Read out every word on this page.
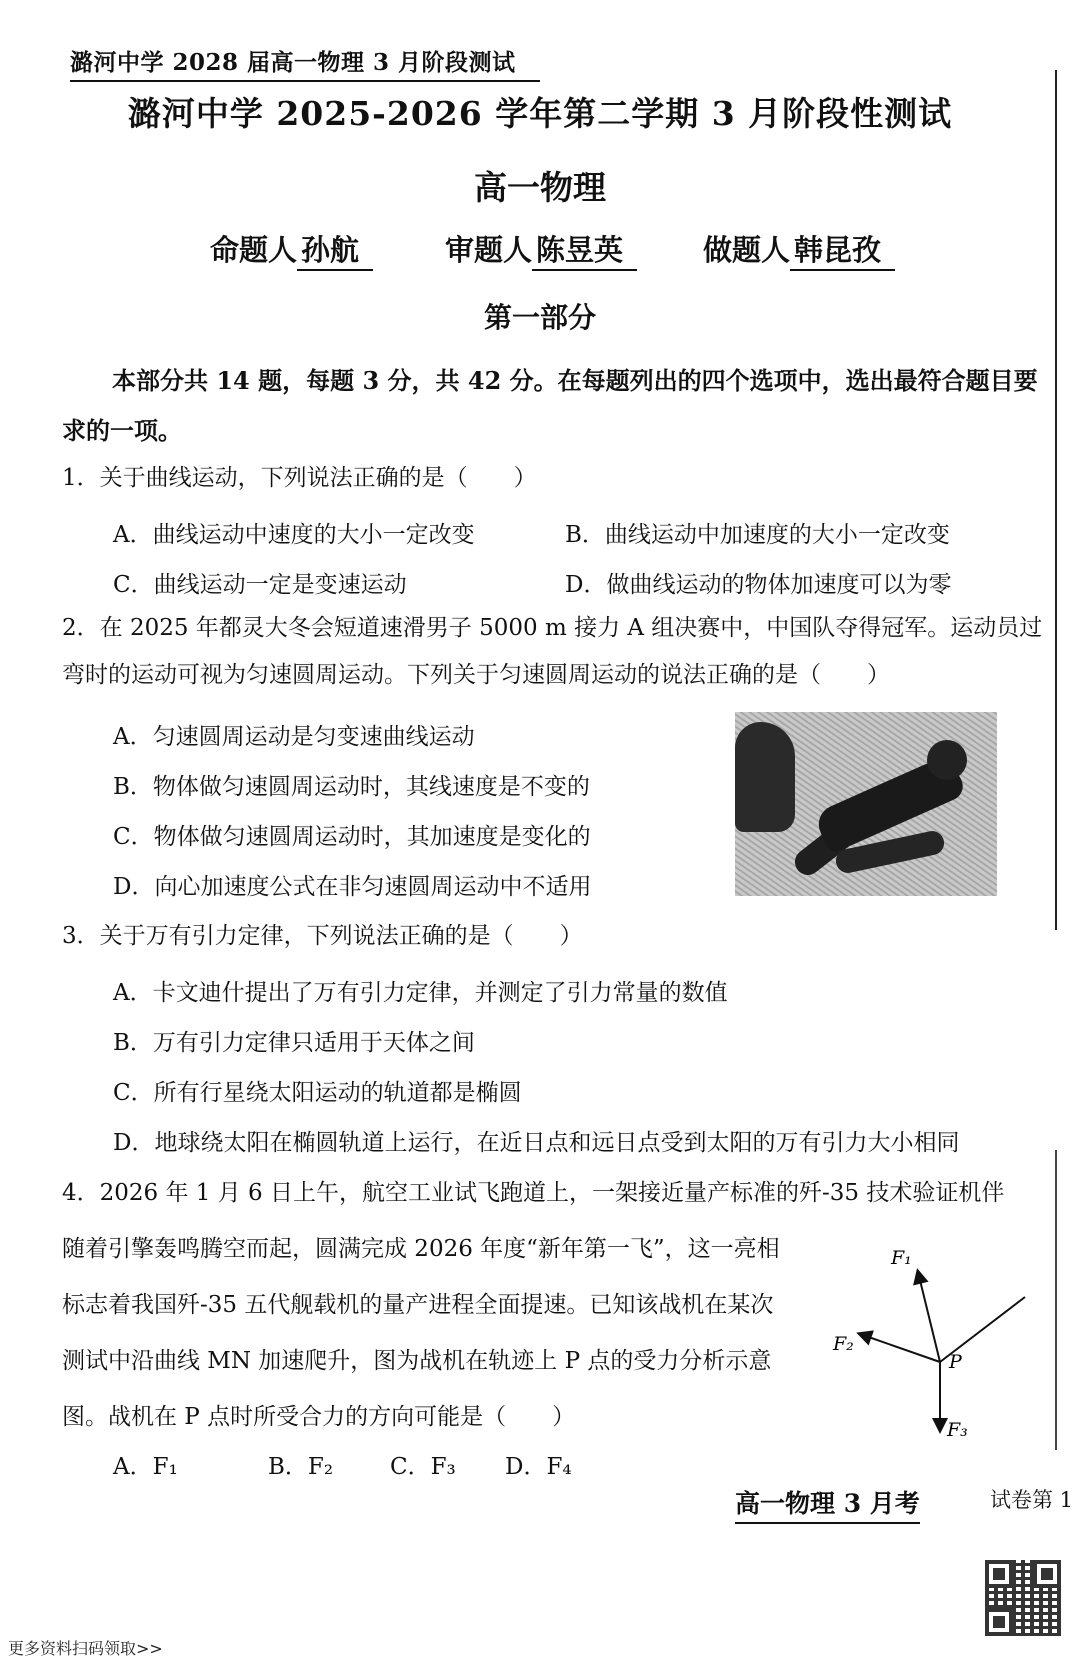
潞河中学 2028 届高一物理 3 月阶段测试
潞河中学 2025-2026 学年第二学期 3 月阶段性测试
高一物理
命题人 孙航	审题人 陈昱英	做题人 韩昆孜
第一部分
本部分共 14 题，每题 3 分，共 42 分。在每题列出的四个选项中，选出最符合题目要求的一项。
1．关于曲线运动，下列说法正确的是（　　）
A．曲线运动中速度的大小一定改变	B．曲线运动中加速度的大小一定改变
C．曲线运动一定是变速运动	D．做曲线运动的物体加速度可以为零
2．在 2025 年都灵大冬会短道速滑男子 5000 m 接力 A 组决赛中，中国队夺得冠军。运动员过弯时的运动可视为匀速圆周运动。下列关于匀速圆周运动的说法正确的是（　　）
A．匀速圆周运动是匀变速曲线运动
B．物体做匀速圆周运动时，其线速度是不变的
C．物体做匀速圆周运动时，其加速度是变化的
D．向心加速度公式在非匀速圆周运动中不适用
3．关于万有引力定律，下列说法正确的是（　　）
A．卡文迪什提出了万有引力定律，并测定了引力常量的数值
B．万有引力定律只适用于天体之间
C．所有行星绕太阳运动的轨道都是椭圆
D．地球绕太阳在椭圆轨道上运行，在近日点和远日点受到太阳的万有引力大小相同
4．2026 年 1 月 6 日上午，航空工业试飞跑道上，一架接近量产标准的歼-35 技术验证机伴
随着引擎轰鸣腾空而起，圆满完成 2026 年度“新年第一飞”，这一亮相
标志着我国歼-35 五代舰载机的量产进程全面提速。已知该战机在某次
测试中沿曲线 MN 加速爬升，图为战机在轨迹上 P 点的受力分析示意
图。战机在 P 点时所受合力的方向可能是（　　）
A．F₁	B．F₂ C．F₃ D．F₄
F₁
F₂
F₃
P
高一物理 3 月考	试卷第 1
更多资料扫码领取>>
